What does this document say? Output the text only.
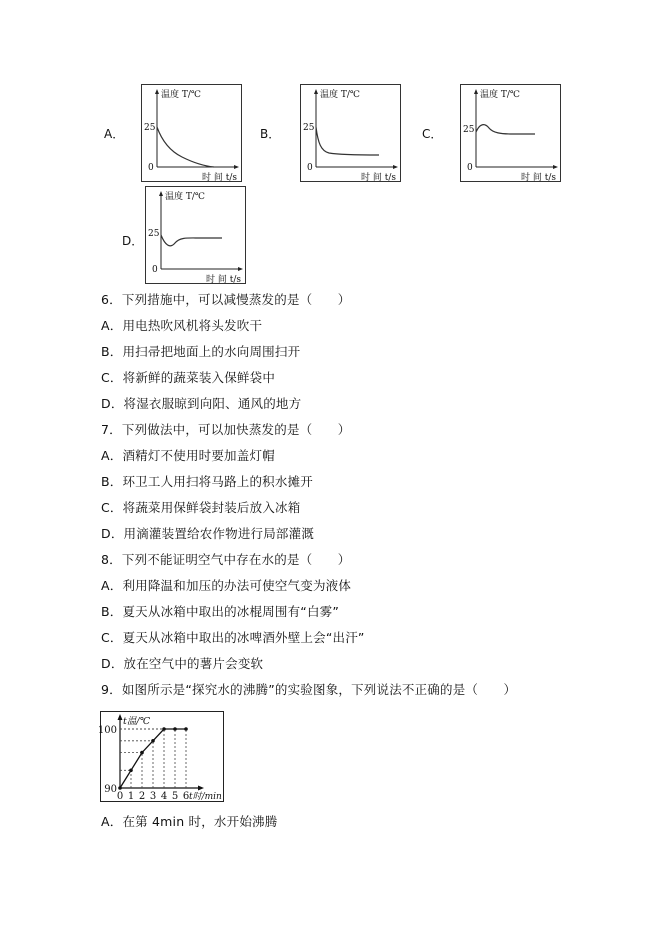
A．
温度 T/℃
25
0
时 间 t/s
B．
温度 T/℃
25
0
时 间 t/s
C．
温度 T/℃
25
0
时 间 t/s
D．
温度 T/℃
25
0
时 间 t/s
6．下列措施中，可以减慢蒸发的是（　　）
A．用电热吹风机将头发吹干
B．用扫帚把地面上的水向周围扫开
C．将新鲜的蔬菜装入保鲜袋中
D．将湿衣服晾到向阳、通风的地方
7．下列做法中，可以加快蒸发的是（　　）
A．酒精灯不使用时要加盖灯帽
B．环卫工人用扫将马路上的积水摊开
C．将蔬菜用保鲜袋封装后放入冰箱
D．用滴灌装置给农作物进行局部灌溉
8．下列不能证明空气中存在水的是（　　）
A．利用降温和加压的办法可使空气变为液体
B．夏天从冰箱中取出的冰棍周围有“白雾”
C．夏天从冰箱中取出的冰啤酒外壁上会“出汗”
D．放在空气中的薯片会变软
9．如图所示是“探究水的沸腾”的实验图象，下列说法不正确的是（　　）
90
100
0 1 2 3 4 5 6
t温/℃
t时/min
A．在第 4min 时，水开始沸腾
